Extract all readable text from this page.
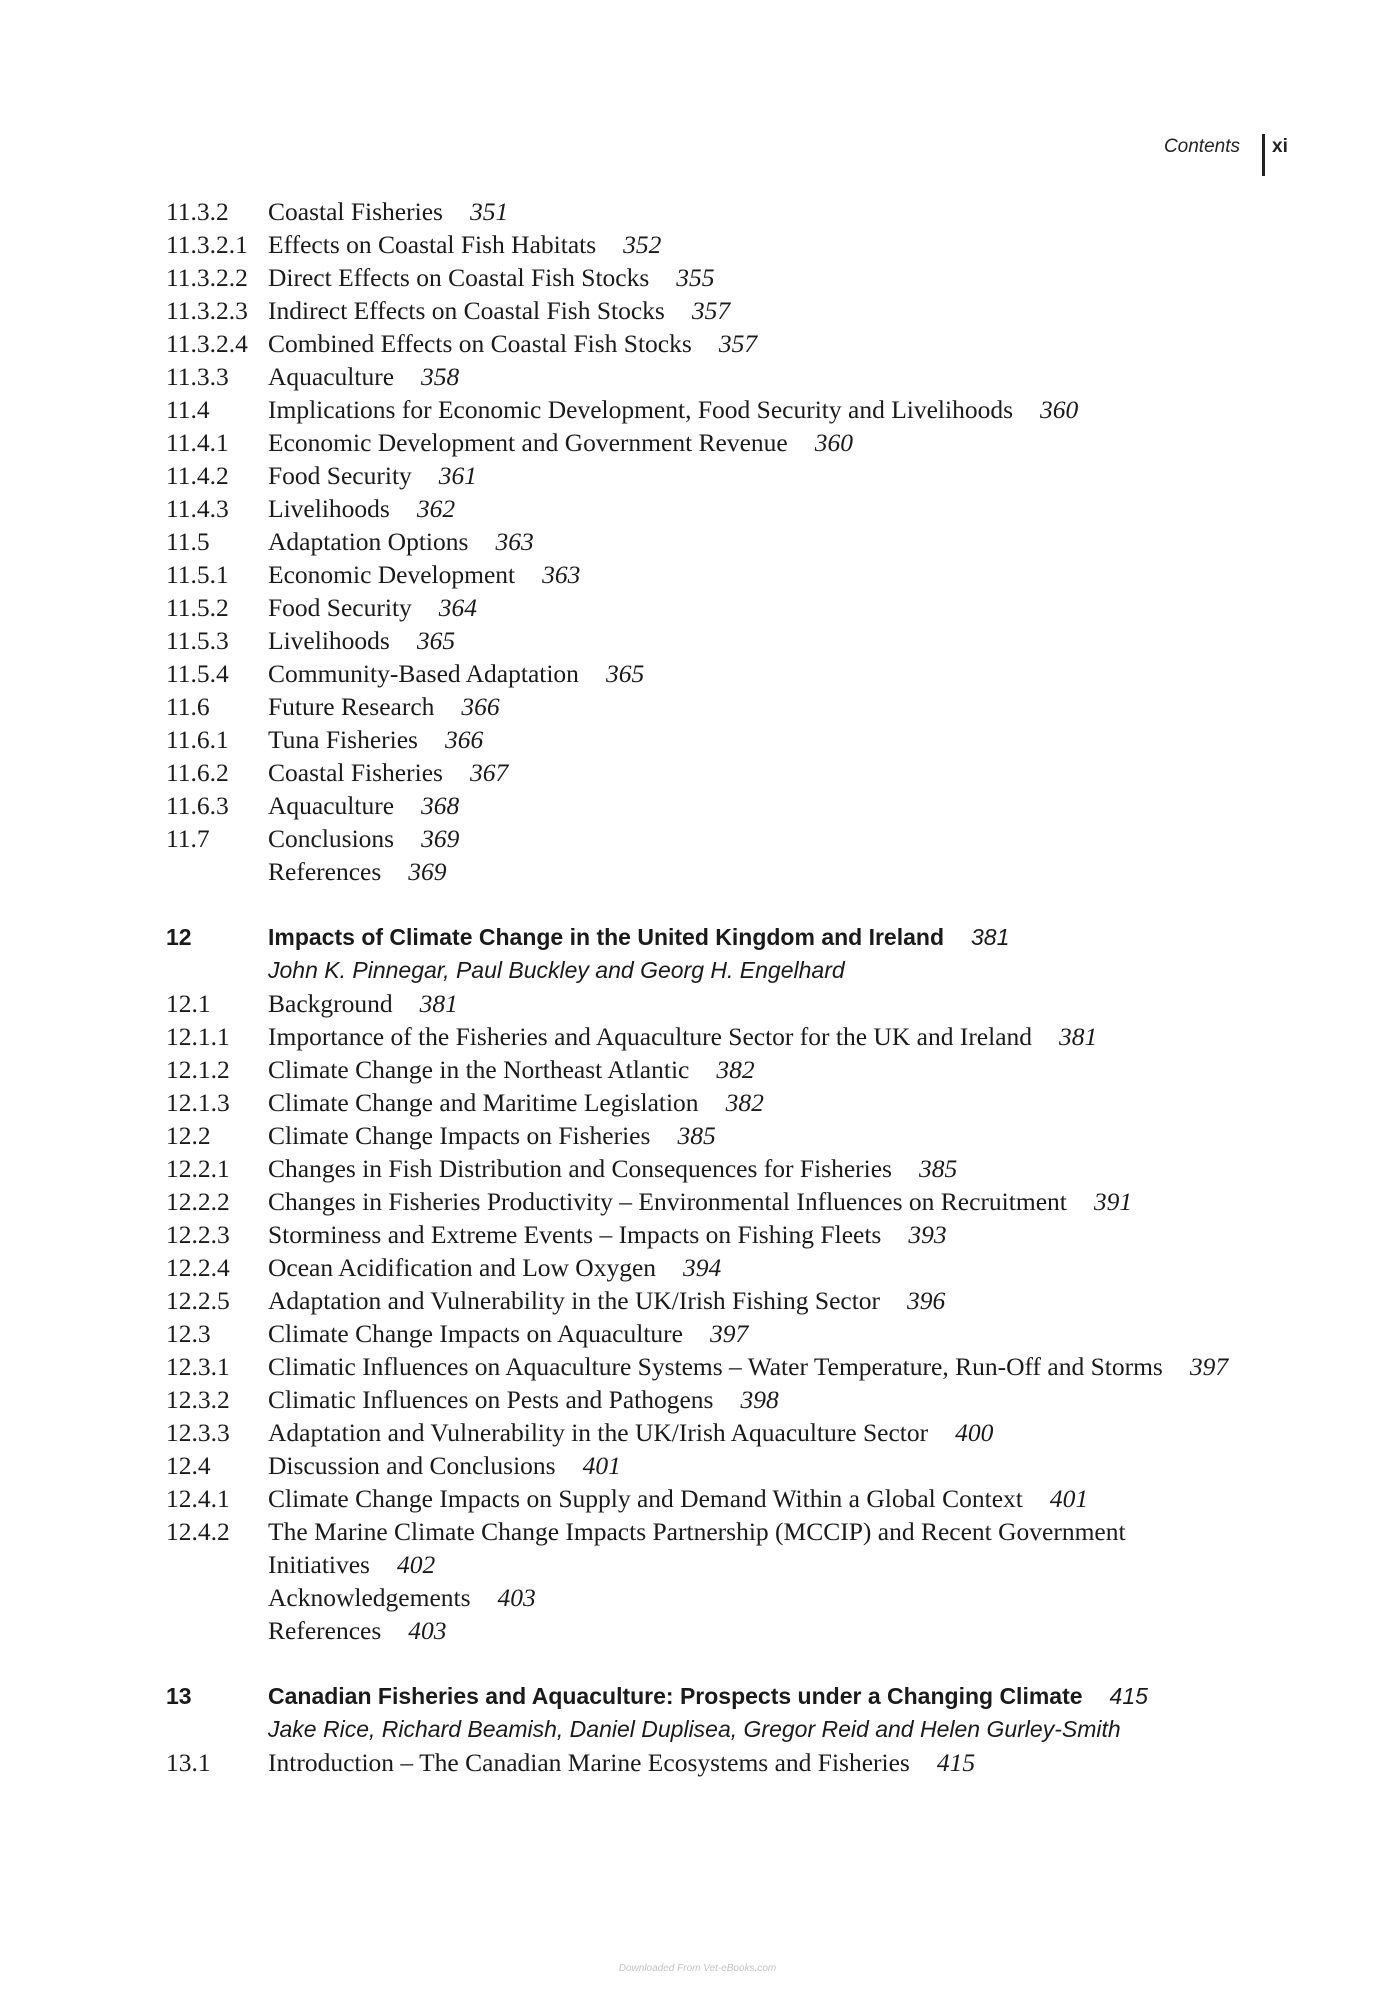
Contents xi
11.3.2	Coastal Fisheries 351
11.3.2.1 Effects on Coastal Fish Habitats 352
11.3.2.2 Direct Effects on Coastal Fish Stocks 355
11.3.2.3 Indirect Effects on Coastal Fish Stocks 357
11.3.2.4 Combined Effects on Coastal Fish Stocks 357
11.3.3	Aquaculture 358
11.4	Implications for Economic Development, Food Security and Livelihoods 360
11.4.1	Economic Development and Government Revenue 360
11.4.2	Food Security 361
11.4.3	Livelihoods 362
11.5	Adaptation Options 363
11.5.1	Economic Development 363
11.5.2	Food Security 364
11.5.3	Livelihoods 365
11.5.4	Community-Based Adaptation 365
11.6	Future Research 366
11.6.1	Tuna Fisheries 366
11.6.2	Coastal Fisheries 367
11.6.3	Aquaculture 368
11.7	Conclusions 369
References 369
12	Impacts of Climate Change in the United Kingdom and Ireland 381
John K. Pinnegar, Paul Buckley and Georg H. Engelhard
12.1	Background 381
12.1.1	Importance of the Fisheries and Aquaculture Sector for the UK and Ireland 381
12.1.2	Climate Change in the Northeast Atlantic 382
12.1.3	Climate Change and Maritime Legislation 382
12.2	Climate Change Impacts on Fisheries 385
12.2.1	Changes in Fish Distribution and Consequences for Fisheries 385
12.2.2	Changes in Fisheries Productivity – Environmental Influences on Recruitment 391
12.2.3	Storminess and Extreme Events – Impacts on Fishing Fleets 393
12.2.4	Ocean Acidification and Low Oxygen 394
12.2.5	Adaptation and Vulnerability in the UK/Irish Fishing Sector 396
12.3	Climate Change Impacts on Aquaculture 397
12.3.1	Climatic Influences on Aquaculture Systems – Water Temperature, Run-Off and Storms 397
12.3.2	Climatic Influences on Pests and Pathogens 398
12.3.3	Adaptation and Vulnerability in the UK/Irish Aquaculture Sector 400
12.4	Discussion and Conclusions 401
12.4.1	Climate Change Impacts on Supply and Demand Within a Global Context 401
12.4.2	The Marine Climate Change Impacts Partnership (MCCIP) and Recent Government Initiatives 402
Acknowledgements 403
References 403
13	Canadian Fisheries and Aquaculture: Prospects under a Changing Climate 415
Jake Rice, Richard Beamish, Daniel Duplisea, Gregor Reid and Helen Gurley-Smith
13.1	Introduction – The Canadian Marine Ecosystems and Fisheries 415
Downloaded From Vet-eBooks.com
